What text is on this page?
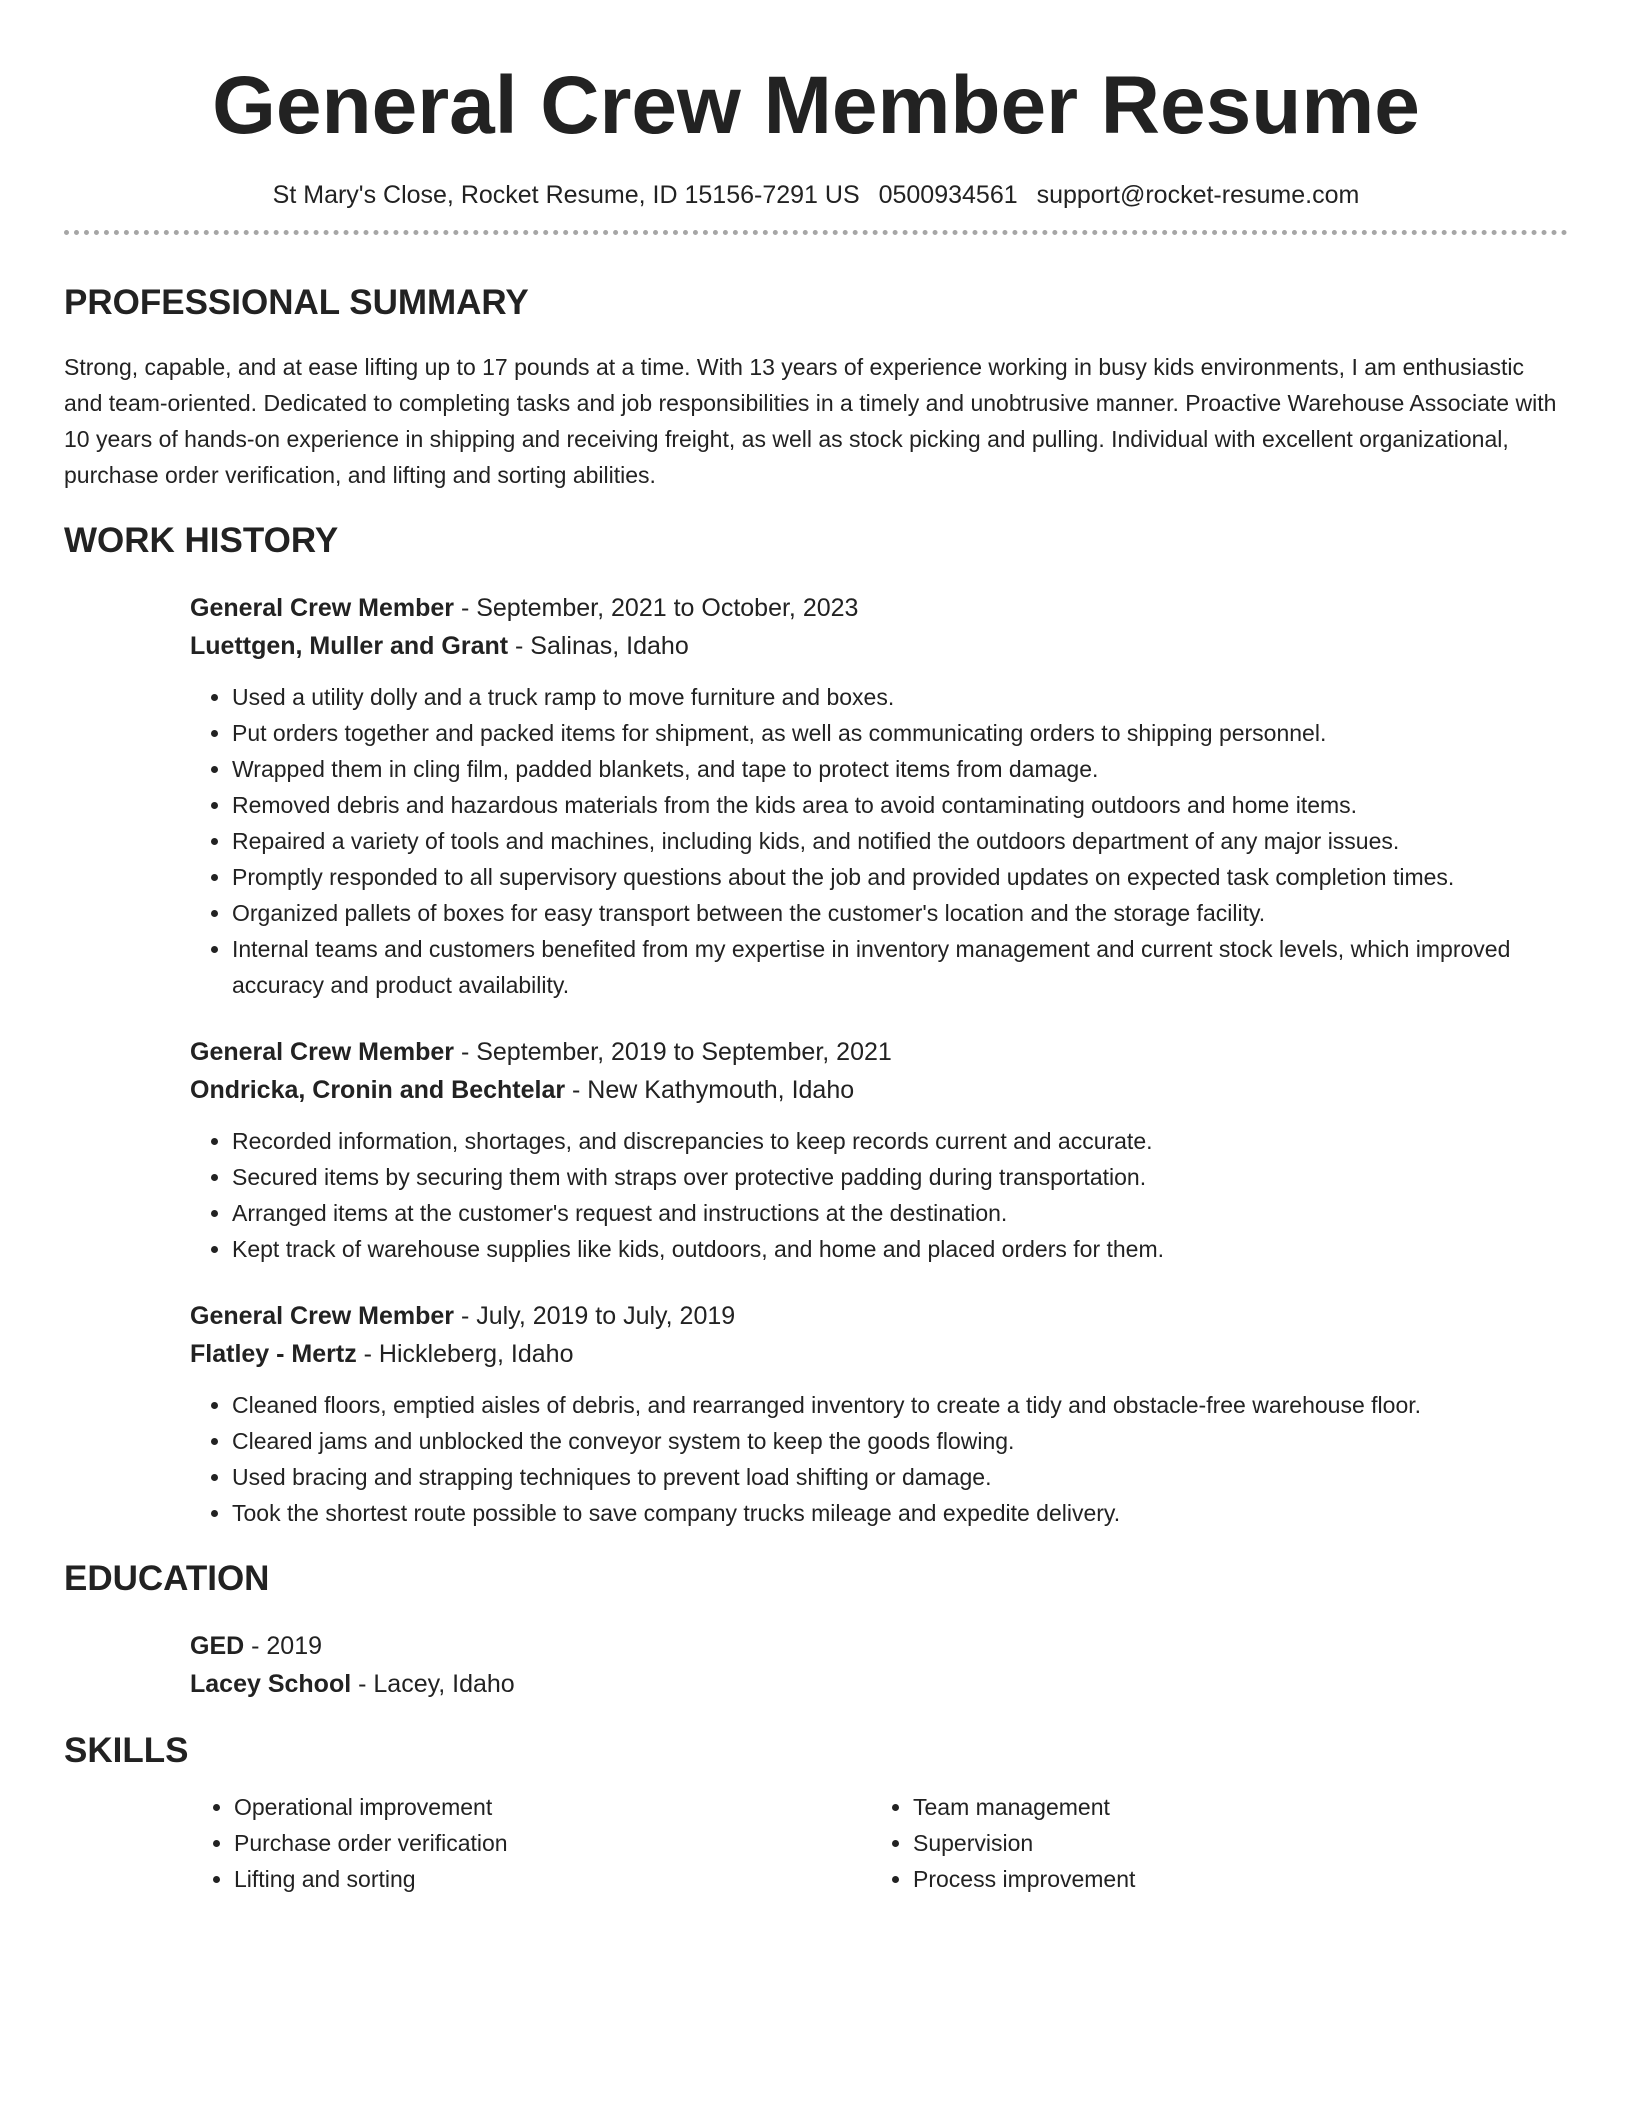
General Crew Member Resume
St Mary's Close, Rocket Resume, ID 15156-7291 US 0500934561 support@rocket-resume.com
PROFESSIONAL SUMMARY

Strong, capable, and at ease lifting up to 17 pounds at a time. With 13 years of experience working in busy kids environments, I am enthusiastic and team-oriented. Dedicated to completing tasks and job responsibilities in a timely and unobtrusive manner. Proactive Warehouse Associate with 10 years of hands-on experience in shipping and receiving freight, as well as stock picking and pulling. Individual with excellent organizational, purchase order verification, and lifting and sorting abilities.

WORK HISTORY
General Crew Member - September, 2021 to October, 2023
Luettgen, Muller and Grant - Salinas, Idaho
• Used a utility dolly and a truck ramp to move furniture and boxes.
• Put orders together and packed items for shipment, as well as communicating orders to shipping personnel.
• Wrapped them in cling film, padded blankets, and tape to protect items from damage.
• Removed debris and hazardous materials from the kids area to avoid contaminating outdoors and home items.
• Repaired a variety of tools and machines, including kids, and notified the outdoors department of any major issues.
• Promptly responded to all supervisory questions about the job and provided updates on expected task completion times.
• Organized pallets of boxes for easy transport between the customer's location and the storage facility.
• Internal teams and customers benefited from my expertise in inventory management and current stock levels, which improved accuracy and product availability.
General Crew Member - September, 2019 to September, 2021
Ondricka, Cronin and Bechtelar - New Kathymouth, Idaho
• Recorded information, shortages, and discrepancies to keep records current and accurate.
• Secured items by securing them with straps over protective padding during transportation.
• Arranged items at the customer's request and instructions at the destination.
• Kept track of warehouse supplies like kids, outdoors, and home and placed orders for them.
General Crew Member - July, 2019 to July, 2019
Flatley - Mertz - Hickleberg, Idaho
• Cleaned floors, emptied aisles of debris, and rearranged inventory to create a tidy and obstacle-free warehouse floor.
• Cleared jams and unblocked the conveyor system to keep the goods flowing.
• Used bracing and strapping techniques to prevent load shifting or damage.
• Took the shortest route possible to save company trucks mileage and expedite delivery.
EDUCATION
GED - 2019
Lacey School - Lacey, Idaho
SKILLS
• Operational improvement
• Purchase order verification
• Lifting and sorting
• Team management
• Supervision
• Process improvement
